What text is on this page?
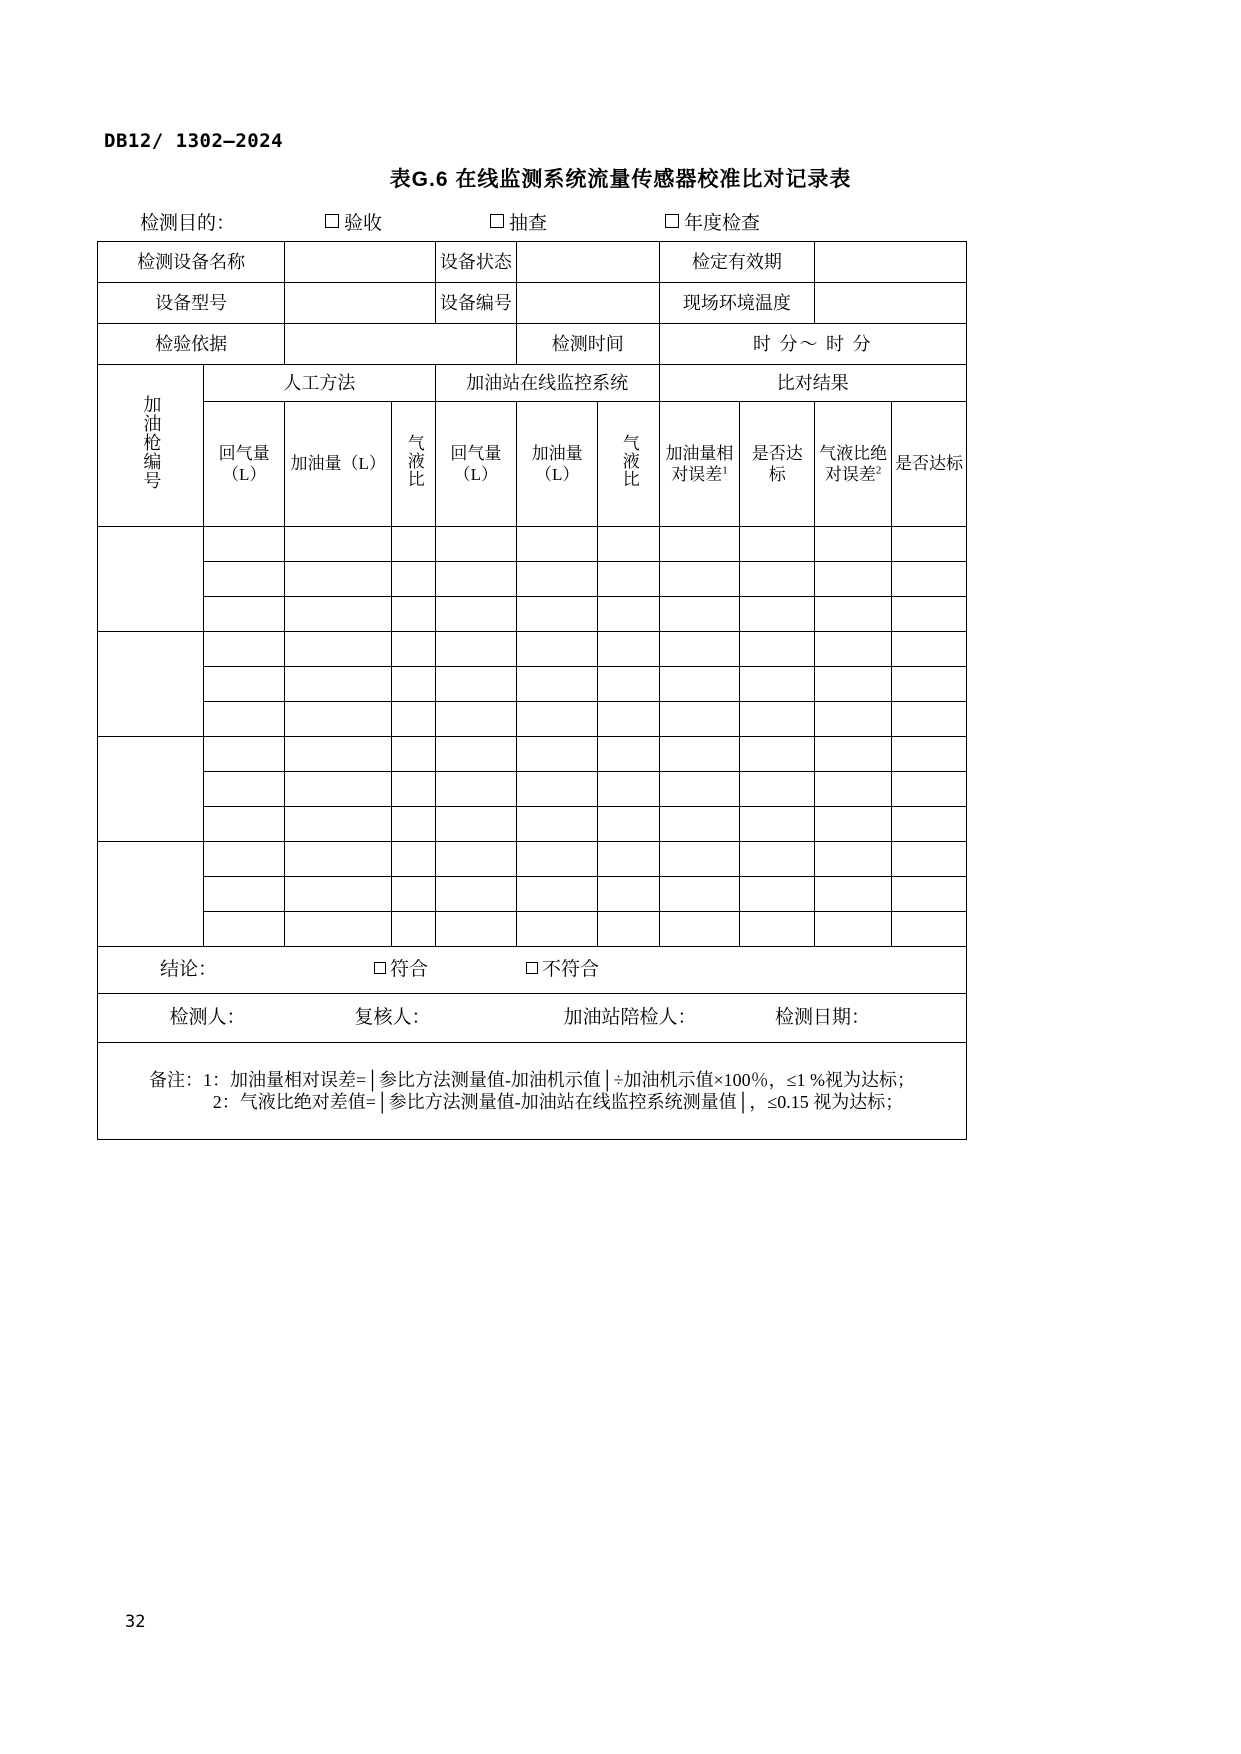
DB12/ 1302—2024
表G.6 在线监测系统流量传感器校准比对记录表
检测目的：	验收	抽查	年度检查
检测设备名称				设备状态			检定有效期			
设备型号				设备编号			现场环境温度			
检验依据					检测时间		时 分～ 时 分			
加油枪编号	人工方法			加油站在线监控系统			比对结果			
	回气量（L）	加油量（L）	气液比	回气量（L）	加油量（L）	气液比	加油量相对误差$^1$	是否达标	气液比绝对误差$^2$	是否达标

结论： 符合 不符合										

检测人： 复核人： 加油站陪检人： 检测日期：										

备注：1：加油量相对误差=│参比方法测量值-加油机示值│÷加油机示值×100％，≤1 %视为达标；
2：气液比绝对差值=│参比方法测量值-加油站在线监控系统测量值│，≤0.15 视为达标；										
32
